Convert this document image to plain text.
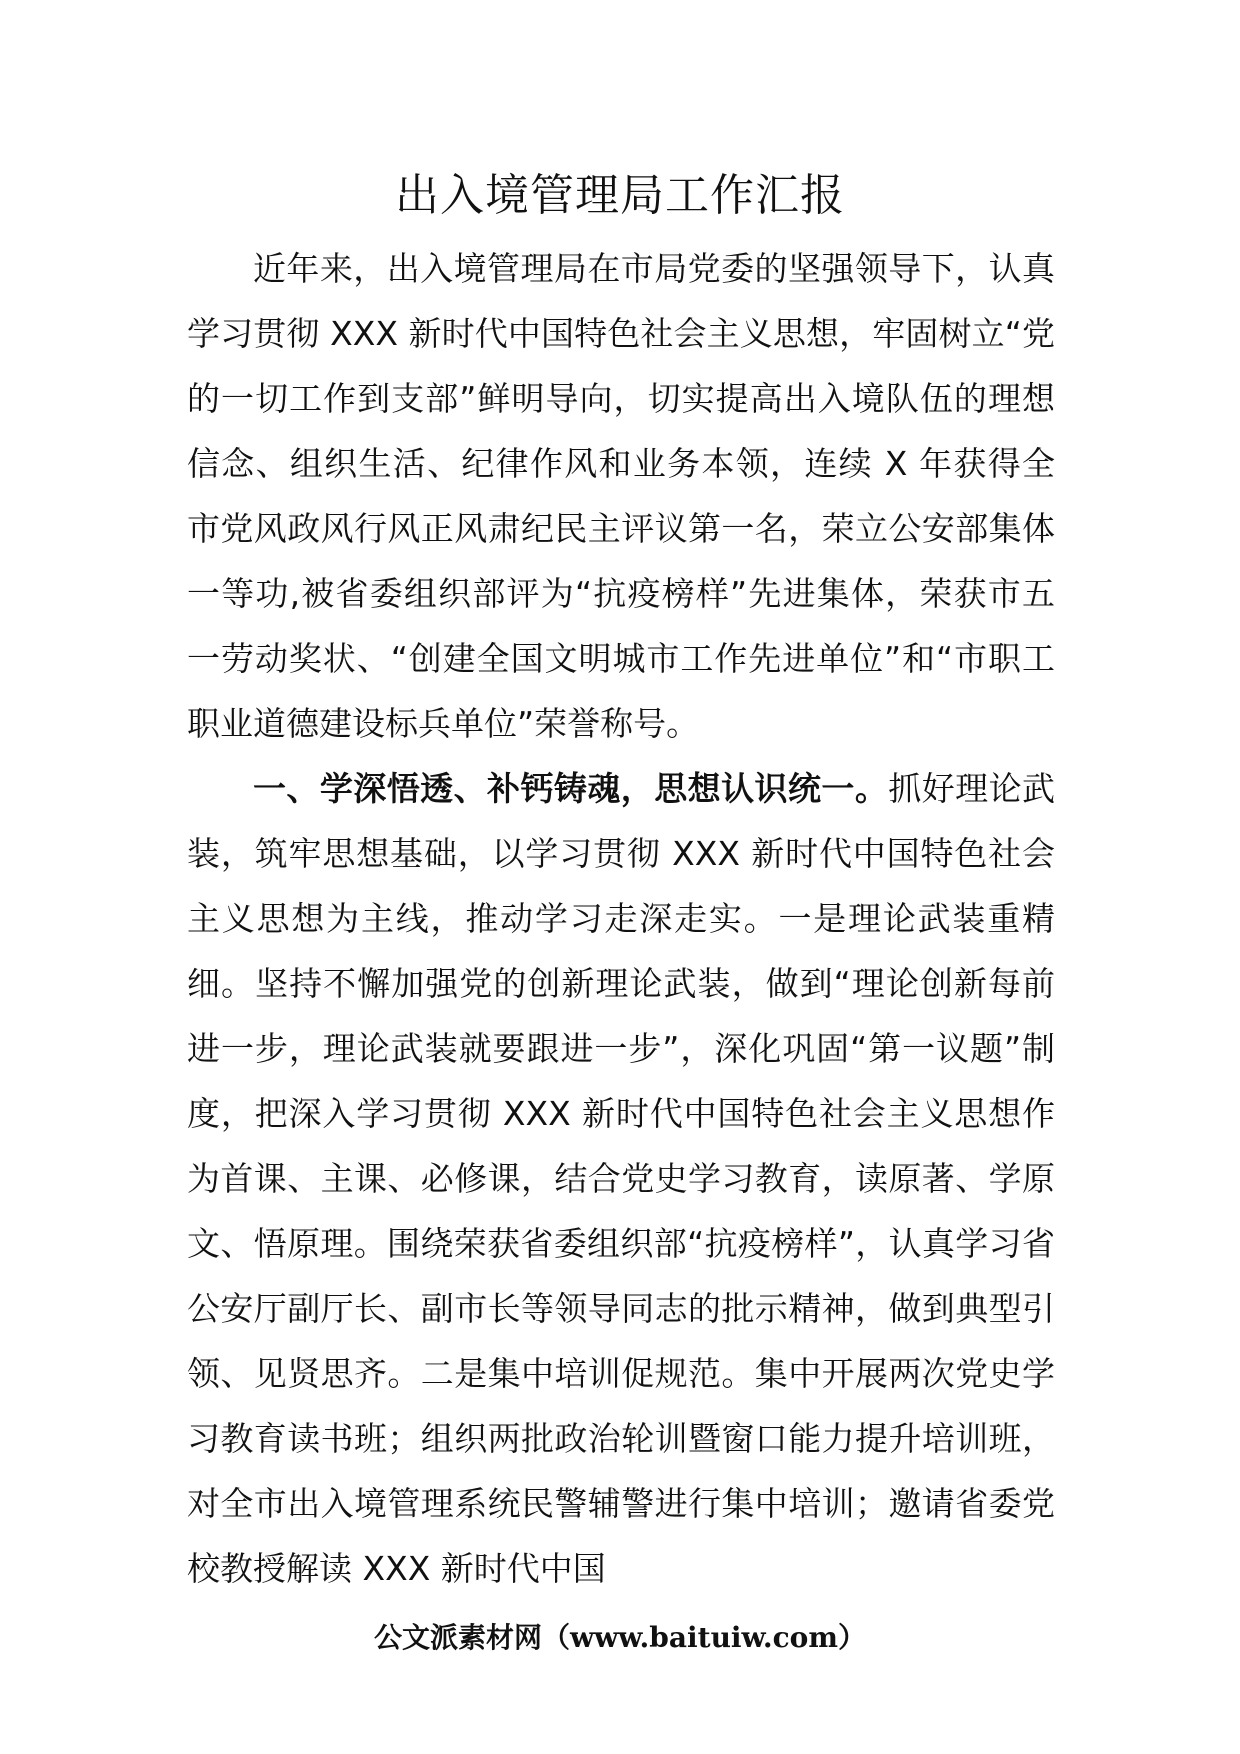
出入境管理局工作汇报

近年来，出入境管理局在市局党委的坚强领导下，认真学习贯彻 XXX 新时代中国特色社会主义思想，牢固树立“党的一切工作到支部”鲜明导向，切实提高出入境队伍的理想信念、组织生活、纪律作风和业务本领，连续 X 年获得全市党风政风行风正风肃纪民主评议第一名，荣立公安部集体一等功,被省委组织部评为“抗疫榜样”先进集体，荣获市五一劳动奖状、“创建全国文明城市工作先进单位”和“市职工职业道德建设标兵单位”荣誉称号。

一、学深悟透、补钙铸魂，思想认识统一。抓好理论武装，筑牢思想基础，以学习贯彻 XXX 新时代中国特色社会主义思想为主线，推动学习走深走实。一是理论武装重精细。坚持不懈加强党的创新理论武装，做到“理论创新每前进一步，理论武装就要跟进一步”，深化巩固“第一议题”制度，把深入学习贯彻 XXX 新时代中国特色社会主义思想作为首课、主课、必修课，结合党史学习教育，读原著、学原文、悟原理。围绕荣获省委组织部“抗疫榜样”，认真学习省公安厅副厅长、副市长等领导同志的批示精神，做到典型引领、见贤思齐。二是集中培训促规范。集中开展两次党史学习教育读书班；组织两批政治轮训暨窗口能力提升培训班，对全市出入境管理系统民警辅警进行集中培训；邀请省委党校教授解读 XXX 新时代中国

公文派素材网（www.baituiw.com）
